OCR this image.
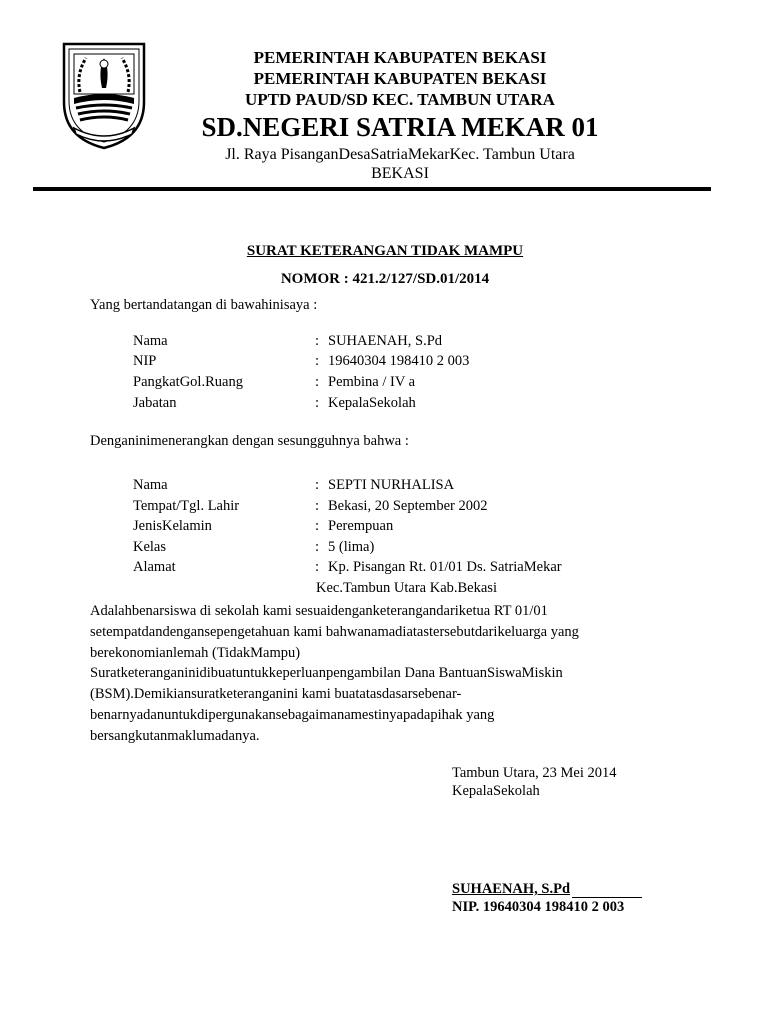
PEMERINTAH KABUPATEN BEKASI
PEMERINTAH KABUPATEN BEKASI
UPTD PAUD/SD KEC. TAMBUN UTARA
SD.NEGERI SATRIA MEKAR 01
Jl. Raya PisanganDesaSatriaMekarKec. Tambun Utara
BEKASI
SURAT KETERANGAN TIDAK MAMPU
NOMOR : 421.2/127/SD.01/2014
Yang bertandatangan di bawahinisaya :
Nama	: SUHAENAH, S.Pd
NIP	: 19640304 198410 2 003
PangkatGol.Ruang	: Pembina / IV a
Jabatan	: KepalaSekolah
Denganinimenerangkan dengan sesungguhnya bahwa :
Nama	: SEPTI NURHALISA
Tempat/Tgl. Lahir	: Bekasi, 20 September 2002
JenisKelamin	: Perempuan
Kelas	: 5 (lima)
Alamat	: Kp. Pisangan Rt. 01/01 Ds. SatriaMekar
Kec.Tambun Utara Kab.Bekasi
Adalahbenarsiswa di sekolah kami sesuaidenganketerangandariketua RT 01/01
setempatdandengansepengetahuan kami bahwanamadiatastersebutdarikeluarga yang
berekonomianlemah (TidakMampu)
Suratketeranganinidibuatuntukkeperluanpengambilan Dana BantuanSiswaMiskin
(BSM).Demikiansuratketeranganini kami buatatasdasarsebenar-
benarnyadanuntukdipergunakansebagaimanamestinyapadapihak yang
bersangkutanmaklumadanya.
Tambun Utara, 23 Mei 2014
KepalaSekolah
SUHAENAH, S.Pd
NIP. 19640304 198410 2 003
